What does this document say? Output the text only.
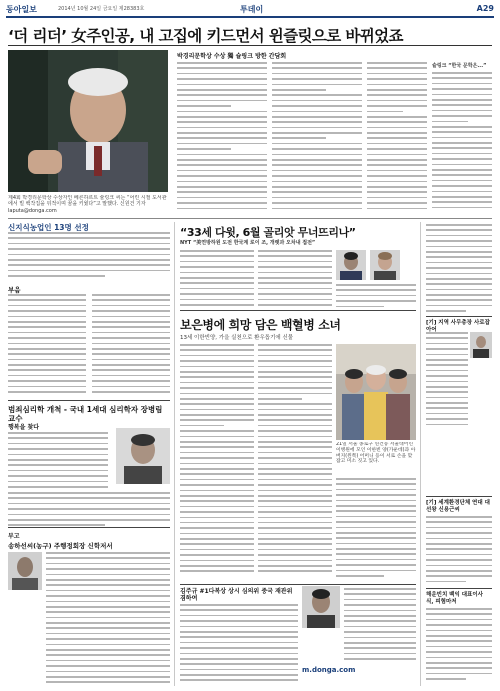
동아일보	2014년 10월 24일 금요일 제28383호	투데이	A29
‘더 리더’ 女주인공, 내 고집에 키드먼서 윈즐릿으로 바뀌었죠
제4회 박경리문학상 수상자인 베른하르트 슐링크 씨는 “어린 시절 도서관에서 빌 백작집을 뒤적이며 꿈을 키웠다”고 말했다. 신원건 기자 laputa@donga.com
박경리문학상 수상 獨 슐링크 방한 간담회
슐링크 “한국 문학은...”
신지식농업인 13명 선정
부음
범죄심리학 개척 - 국내 1세대 심리학자 장병림 교수
행복을 찾다
부고
송하선씨(농구) 주행정회장 신학저서
“33세 다윗, 6월 골리앗 무너뜨리나”
NYT “美연방하원 도전 한국계 로이 조, 개렛과 오차내 접전”
보은병에 희망 담은 백혈병 소녀
13세 이한빈양, 가을 실천으로 환우돕기에 신물
21일 서울 종로구 연건동 서울대어린이병원에 모인 이한빈 양(가운데)과 아버지(왼쪽) 어머니 등이 서로 손을 맞잡고 미소 짓고 있다.
김주규 #1다복상 상시 심의위 중국 재관위 겸하여
m.donga.com
[기] 지역 사무총장 사로잡아어
[기] 세계환경단체 연대 대선왕 신용근씨
해운빈치 백익 대표이사 식, 피혐마저
